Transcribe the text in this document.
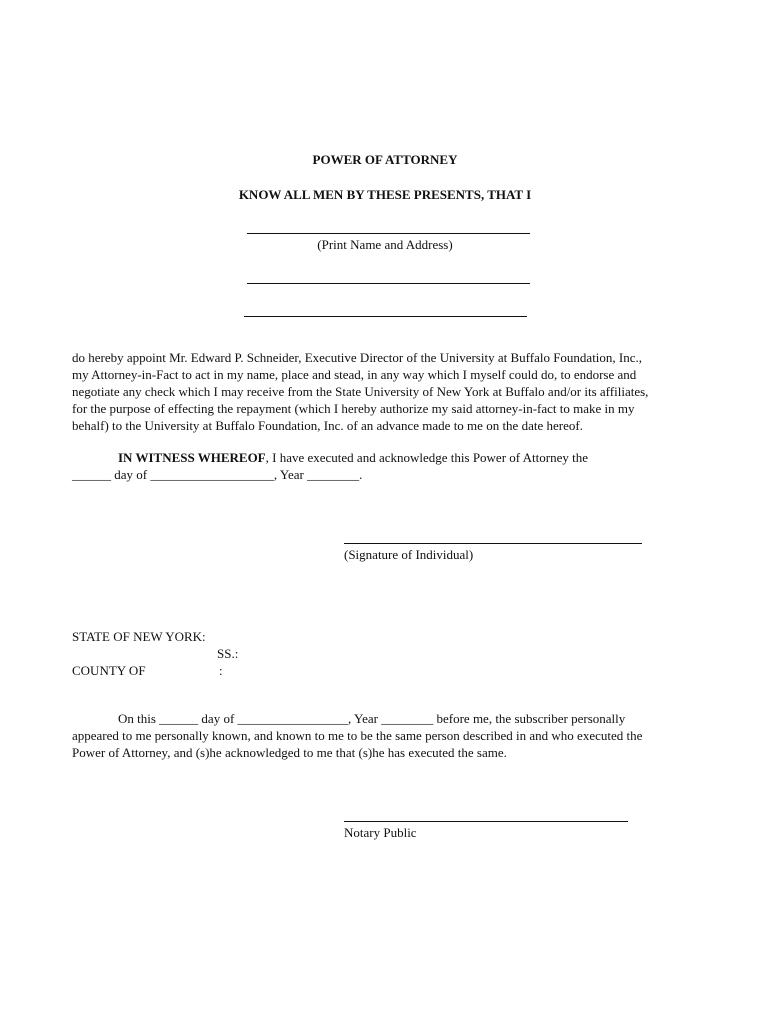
POWER OF ATTORNEY
KNOW ALL MEN BY THESE PRESENTS, THAT I
(Print Name and Address)
do hereby appoint Mr. Edward P. Schneider, Executive Director of the University at Buffalo Foundation, Inc.,
my Attorney-in-Fact to act in my name, place and stead, in any way which I myself could do, to endorse and
negotiate any check which I may receive from the State University of New York at Buffalo and/or its affiliates,
for the purpose of effecting the repayment (which I hereby authorize my said attorney-in-fact to make in my
behalf) to the University at Buffalo Foundation, Inc. of an advance made to me on the date hereof.
IN WITNESS WHEREOF, I have executed and acknowledge this Power of Attorney the
______ day of ___________________, Year ________.
(Signature of Individual)
STATE OF NEW YORK:
SS.:
COUNTY OF	:
On this ______ day of _________________, Year ________ before me, the subscriber personally
appeared to me personally known, and known to me to be the same person described in and who executed the
Power of Attorney, and (s)he acknowledged to me that (s)he has executed the same.
Notary Public
